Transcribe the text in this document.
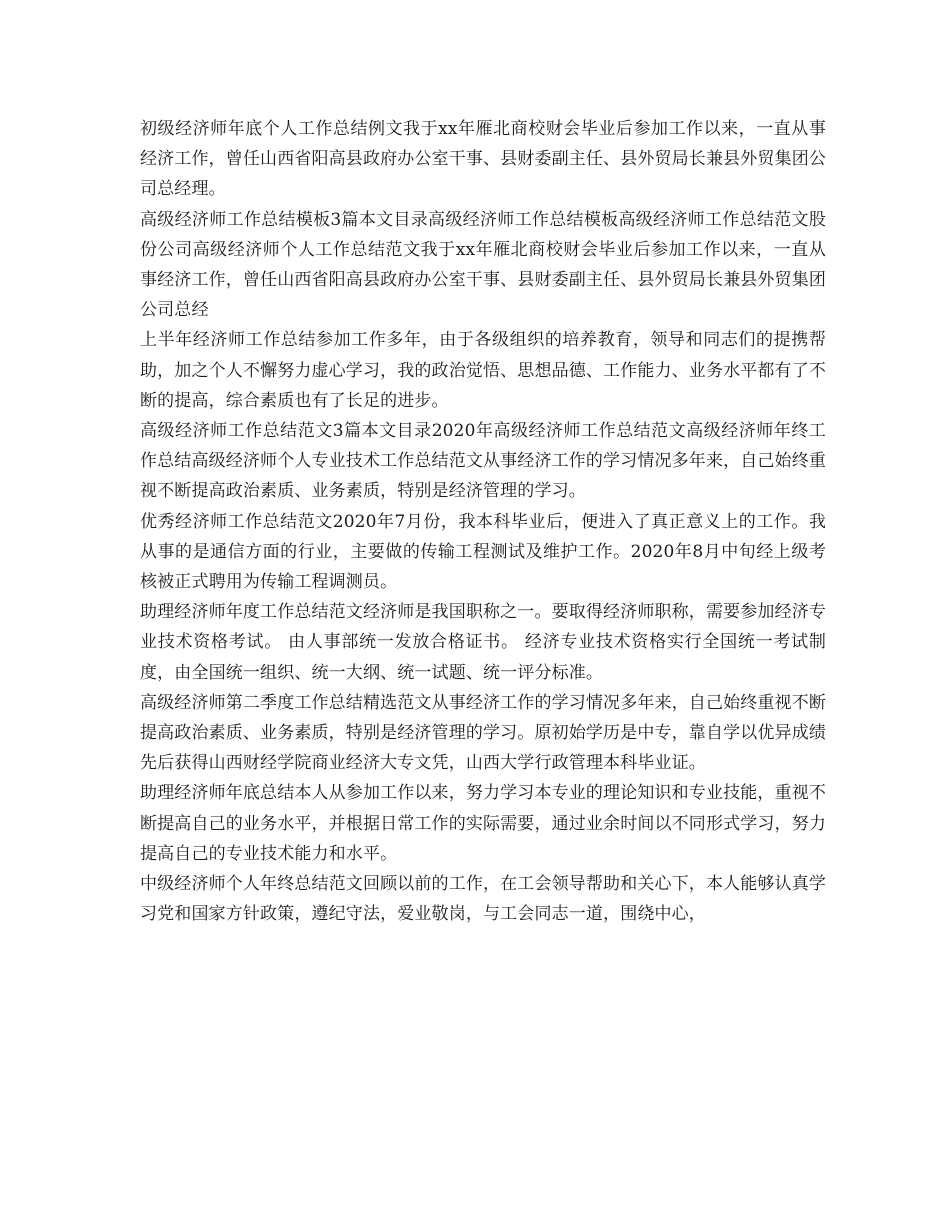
初级经济师年底个人工作总结例文我于xx年雁北商校财会毕业后参加工作以来，一直从事经济工作，曾任山西省阳高县政府办公室干事、县财委副主任、县外贸局长兼县外贸集团公司总经理。

高级经济师工作总结模板3篇本文目录高级经济师工作总结模板高级经济师工作总结范文股份公司高级经济师个人工作总结范文我于xx年雁北商校财会毕业后参加工作以来，一直从事经济工作，曾任山西省阳高县政府办公室干事、县财委副主任、县外贸局长兼县外贸集团公司总经

上半年经济师工作总结参加工作多年，由于各级组织的培养教育，领导和同志们的提携帮助，加之个人不懈努力虚心学习，我的政治觉悟、思想品德、工作能力、业务水平都有了不断的提高，综合素质也有了长足的进步。

高级经济师工作总结范文3篇本文目录2020年高级经济师工作总结范文高级经济师年终工作总结高级经济师个人专业技术工作总结范文从事经济工作的学习情况多年来，自己始终重视不断提高政治素质、业务素质，特别是经济管理的学习。

优秀经济师工作总结范文2020年7月份，我本科毕业后，便进入了真正意义上的工作。我从事的是通信方面的行业，主要做的传输工程测试及维护工作。2020年8月中旬经上级考核被正式聘用为传输工程调测员。

助理经济师年度工作总结范文经济师是我国职称之一。要取得经济师职称，需要参加经济专业技术资格考试。 由人事部统一发放合格证书。 经济专业技术资格实行全国统一考试制度，由全国统一组织、统一大纲、统一试题、统一评分标准。

高级经济师第二季度工作总结精选范文从事经济工作的学习情况多年来，自己始终重视不断提高政治素质、业务素质，特别是经济管理的学习。原初始学历是中专，靠自学以优异成绩先后获得山西财经学院商业经济大专文凭，山西大学行政管理本科毕业证。

助理经济师年底总结本人从参加工作以来，努力学习本专业的理论知识和专业技能，重视不断提高自己的业务水平，并根据日常工作的实际需要，通过业余时间以不同形式学习，努力提高自己的专业技术能力和水平。

中级经济师个人年终总结范文回顾以前的工作，在工会领导帮助和关心下，本人能够认真学习党和国家方针政策，遵纪守法，爱业敬岗，与工会同志一道，围绕中心，
